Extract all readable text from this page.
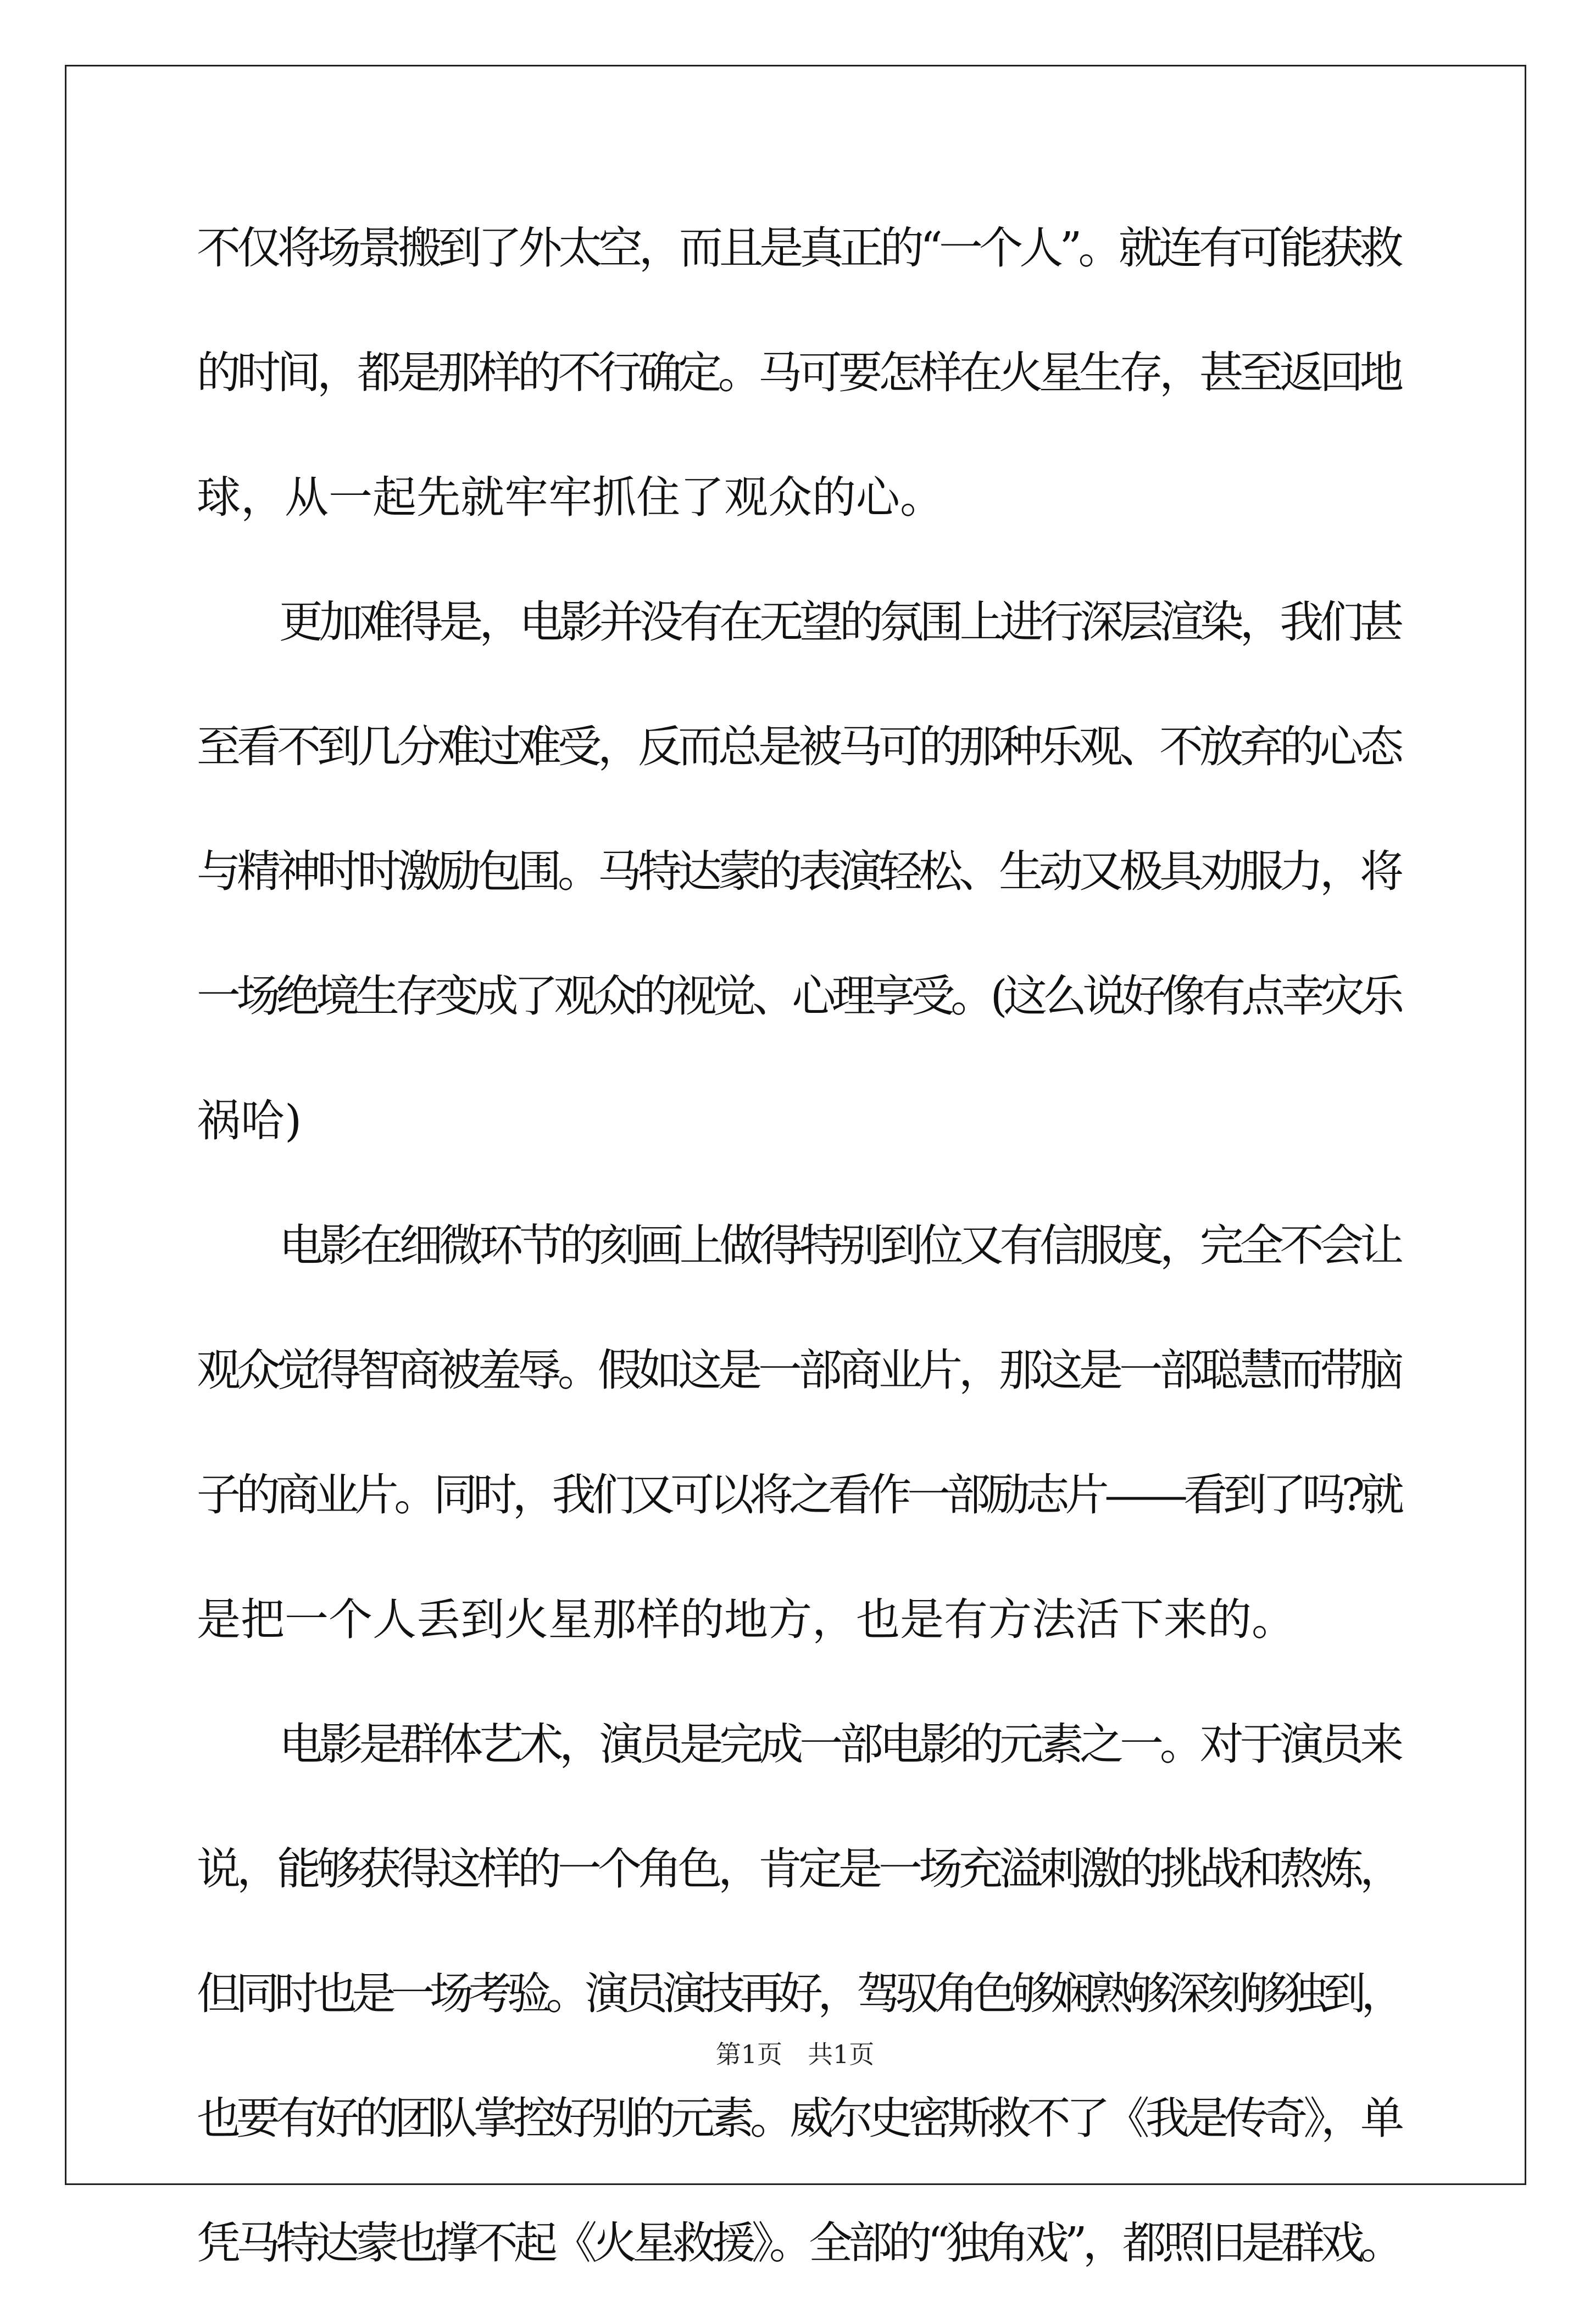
不仅将场景搬到了外太空，而且是真正的“一个人”。就连有可能获救
的时间，都是那样的不行确定。马可要怎样在火星生存，甚至返回地
球，从一起先就牢牢抓住了观众的心。
更加难得是，电影并没有在无望的氛围上进行深层渲染，我们甚
至看不到几分难过难受，反而总是被马可的那种乐观、不放弃的心态
与精神时时激励包围。马特达蒙的表演轻松、生动又极具劝服力，将
一场绝境生存变成了观众的视觉、心理享受。(这么说好像有点幸灾乐
祸哈)
电影在细微环节的刻画上做得特别到位又有信服度，完全不会让
观众觉得智商被羞辱。假如这是一部商业片，那这是一部聪慧而带脑
子的商业片。同时，我们又可以将之看作一部励志片——看到了吗?就
是把一个人丢到火星那样的地方，也是有方法活下来的。
电影是群体艺术，演员是完成一部电影的元素之一。对于演员来
说，能够获得这样的一个角色，肯定是一场充溢刺激的挑战和熬炼，
但同时也是一场考验。演员演技再好，驾驭角色够娴熟够深刻够独到，
也要有好的团队掌控好别的元素。威尔史密斯救不了《我是传奇》，单
凭马特达蒙也撑不起《火星救援》。全部的“独角戏”，都照旧是群戏。
第1页　共1页
